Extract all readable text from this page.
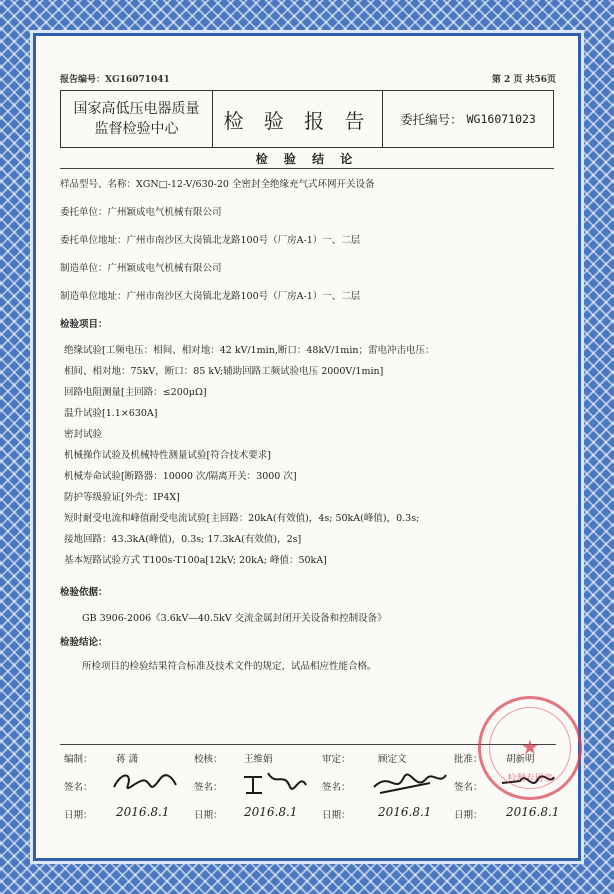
报告编号：XG16071041	第 2 页 共56页
国家高低压电器质量
监督检验中心	检 验 报 告	委托编号： WG16071023
检 验 结 论
样品型号、名称：XGN□-12-V/630-20 全密封全绝缘充气式环网开关设备
委托单位：广州颖成电气机械有限公司
委托单位地址：广州市南沙区大岗镇北龙路100号（厂房A-1）一、二层
制造单位：广州颖成电气机械有限公司
制造单位地址：广州市南沙区大岗镇北龙路100号（厂房A-1）一、二层
检验项目：
绝缘试验[工频电压：相间、相对地：42 kV/1min,断口：48kV/1min；雷电冲击电压：
相间、相对地：75kV，断口：85 kV;辅助回路工频试验电压 2000V/1min]
回路电阻测量[主回路：≤200μΩ]
温升试验[1.1×630A]
密封试验
机械操作试验及机械特性测量试验[符合技术要求]
机械寿命试验[断路器：10000 次/隔离开关：3000 次]
防护等级验证[外壳：IP4X]
短时耐受电流和峰值耐受电流试验[主回路：20kA(有效值)，4s; 50kA(峰值)，0.3s;
接地回路：43.3kA(峰值)，0.3s; 17.3kA(有效值)，2s]
基本短路试验方式 T100s-T100a[12kV; 20kA; 峰值：50kA]
检验依据：
GB 3906-2006《3.6kV—40.5kV 交流金属封闭开关设备和控制设备》
检验结论：
所检项目的检验结果符合标准及技术文件的规定，试品相应性能合格。
编制： 蒋 潇	校核： 王维娟	审定：	顾定文	批准： 胡新明
签名：	签名：	签名：	签名：
日期： 2016.8.1	日期： 2016.8.1	日期： 2016.8.1 日期： 2016.8.1
★
检测专用章
